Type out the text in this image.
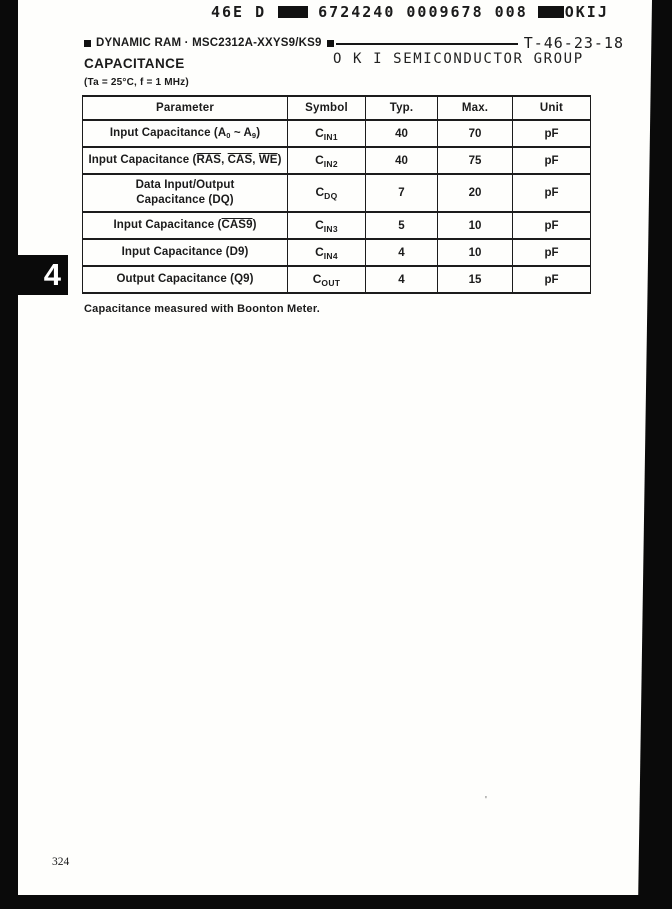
4
46E D	6724240 0009678 008 OKIJ
DYNAMIC RAM · MSC2312A-XXYS9/KS9	T-46-23-18
CAPACITANCE	O K I SEMICONDUCTOR GROUP
(Ta = 25°C, f = 1 MHz)
Parameter	Symbol	Typ.	Max.	Unit
Input Capacitance ($A_0$ ~ $A_9$)	$C_{IN1}$	40	70	pF
Input Capacitance ($\overline{RAS}$, $\overline{CAS}$, $\overline{WE}$)	$C_{IN2}$	40	75	pF
Data Input/Output
Capacitance (DQ)	$C_{DQ}$	7	20	pF
Input Capacitance (CAS9)	$C_{IN3}$	5	10	pF
Input Capacitance (D9)	$C_{IN4}$	4	10	pF
Output Capacitance (Q9)	$C_{OUT}$	4	15	pF
Capacitance measured with Boonton Meter.
324
'
